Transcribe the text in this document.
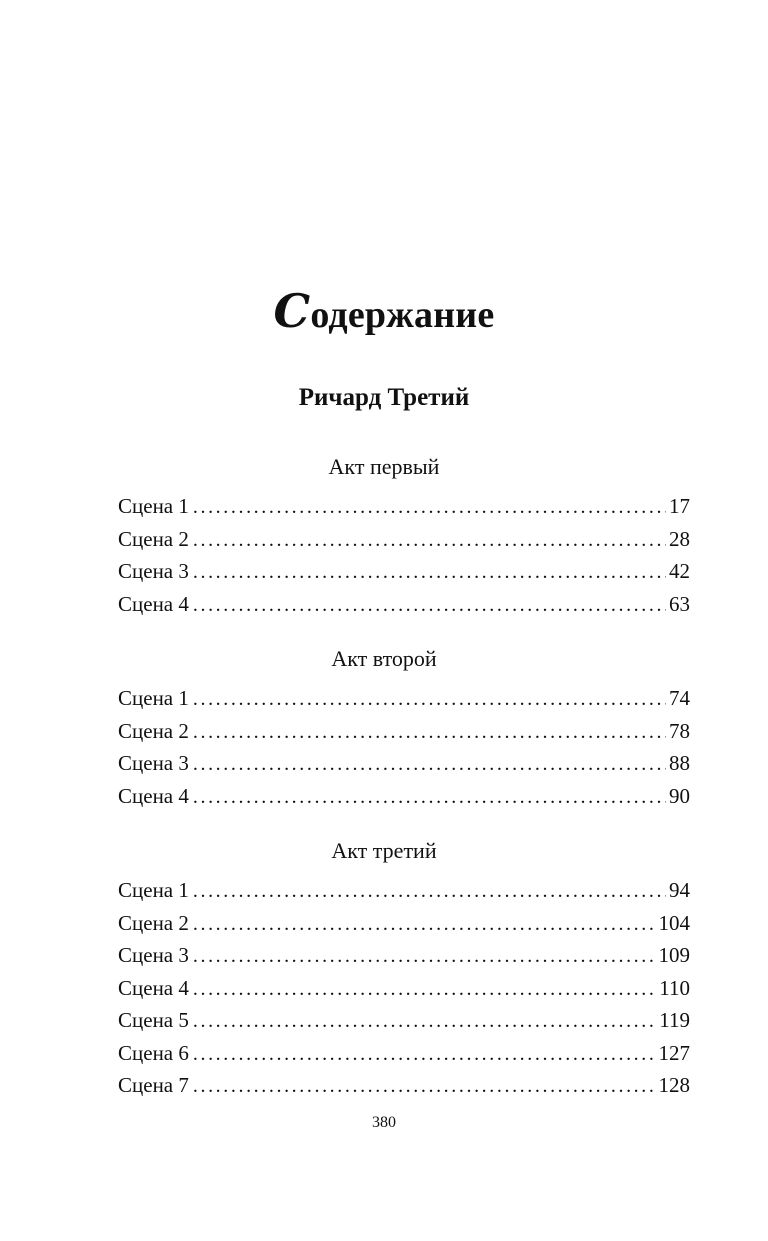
Содержание
Ричард Третий
Акт первый
Сцена 1 .....	17
Сцена 2 .....	28
Сцена 3 .....	42
Сцена 4 .....	63
Акт второй
Сцена 1 .....	74
Сцена 2 .....	78
Сцена 3 .....	88
Сцена 4 .....	90
Акт третий
Сцена 1 .....	94
Сцена 2 .....	104
Сцена 3 .....	109
Сцена 4 .....	110
Сцена 5 .....	119
Сцена 6 .....	127
Сцена 7 .....	128
380
